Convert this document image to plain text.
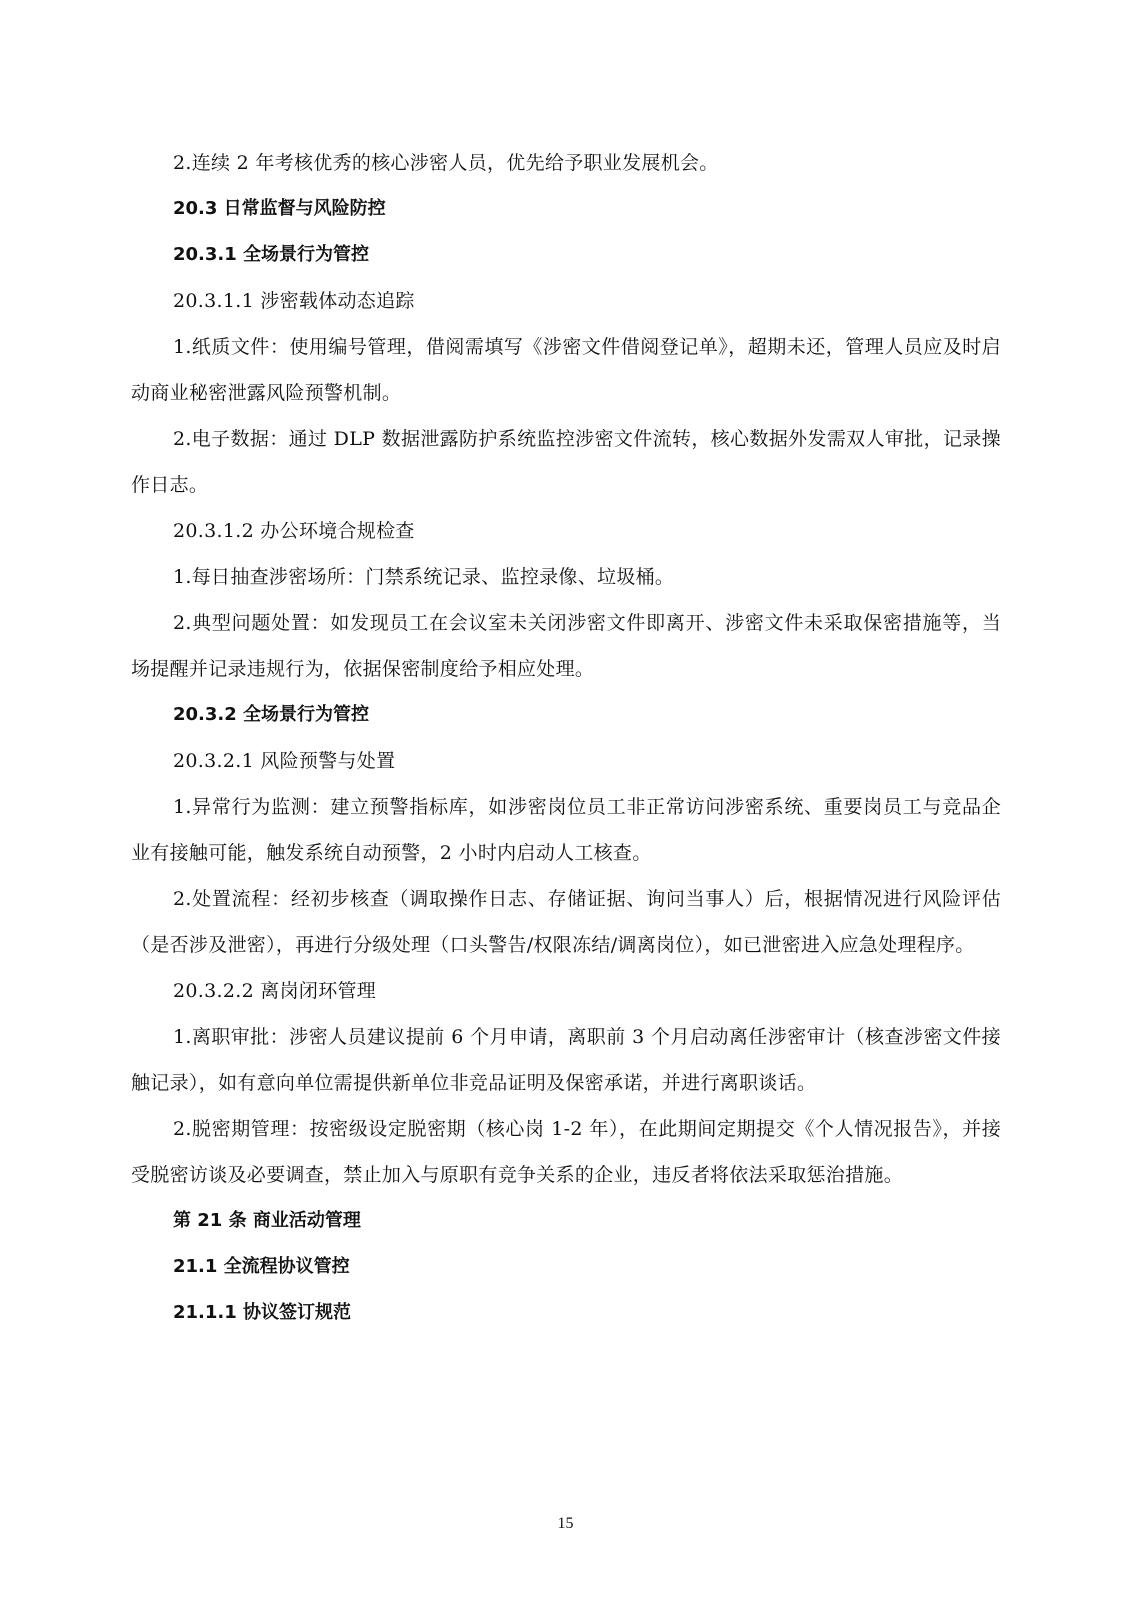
2.连续 2 年考核优秀的核心涉密人员，优先给予职业发展机会。

20.3 日常监督与风险防控

20.3.1 全场景行为管控

20.3.1.1 涉密载体动态追踪

1.纸质文件：使用编号管理，借阅需填写《涉密文件借阅登记单》，超期未还，管理人员应及时启动商业秘密泄露风险预警机制。

2.电子数据：通过 DLP 数据泄露防护系统监控涉密文件流转，核心数据外发需双人审批，记录操作日志。

20.3.1.2 办公环境合规检查

1.每日抽查涉密场所：门禁系统记录、监控录像、垃圾桶。

2.典型问题处置：如发现员工在会议室未关闭涉密文件即离开、涉密文件未采取保密措施等，当场提醒并记录违规行为，依据保密制度给予相应处理。

20.3.2 全场景行为管控

20.3.2.1 风险预警与处置

1.异常行为监测：建立预警指标库，如涉密岗位员工非正常访问涉密系统、重要岗员工与竞品企业有接触可能，触发系统自动预警，2 小时内启动人工核查。

2.处置流程：经初步核查（调取操作日志、存储证据、询问当事人）后，根据情况进行风险评估（是否涉及泄密），再进行分级处理（口头警告/权限冻结/调离岗位），如已泄密进入应急处理程序。

20.3.2.2 离岗闭环管理

1.离职审批：涉密人员建议提前 6 个月申请，离职前 3 个月启动离任涉密审计（核查涉密文件接触记录），如有意向单位需提供新单位非竞品证明及保密承诺，并进行离职谈话。

2.脱密期管理：按密级设定脱密期（核心岗 1-2 年），在此期间定期提交《个人情况报告》，并接受脱密访谈及必要调查，禁止加入与原职有竞争关系的企业，违反者将依法采取惩治措施。

第 21 条 商业活动管理

21.1 全流程协议管控

21.1.1 协议签订规范

15
